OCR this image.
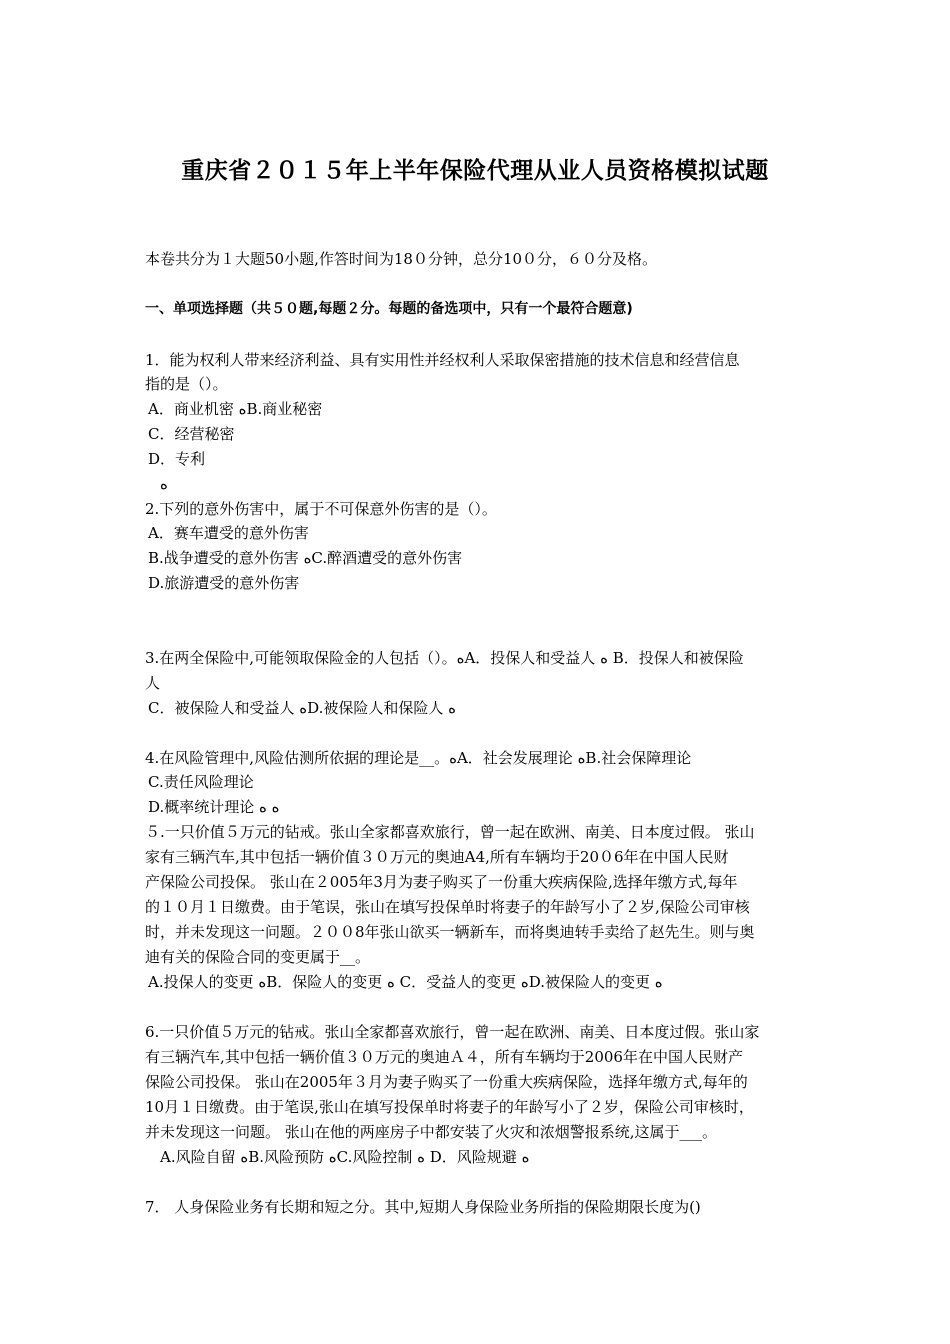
重庆省２０１５年上半年保险代理从业人员资格模拟试题
本卷共分为１大题50小题,作答时间为18０分钟，总分10０分，６０分及格。
一、单项选择题（共５０题,每题２分。每题的备选项中，只有一个最符合题意)
1．能为权利人带来经济利益、具有实用性并经权利人采取保密措施的技术信息和经营信息
指的是（）。
A．商业机密 ﻩB.商业秘密
C．经营秘密
D．专利
ﻩ
2.下列的意外伤害中，属于不可保意外伤害的是（）。
A．赛车遭受的意外伤害
B.战争遭受的意外伤害 ﻩC.醉酒遭受的意外伤害
D.旅游遭受的意外伤害
3.在两全保险中,可能领取保险金的人包括（）。ﻩA．投保人和受益人 ﻩ B．投保人和被保险
人
C．被保险人和受益人 ﻩD.被保险人和保险人 ﻩ
4.在风险管理中,风险估测所依据的理论是__。ﻩA．社会发展理论 ﻩB.社会保障理论
C.责任风险理论
D.概率统计理论 ﻩ ﻩ
５.一只价值５万元的钻戒。张山全家都喜欢旅行，曾一起在欧洲、南美、日本度过假。 张山
家有三辆汽车,其中包括一辆价值３０万元的奥迪A4,所有车辆均于20０6年在中国人民财
产保险公司投保。 张山在２005年3月为妻子购买了一份重大疾病保险,选择年缴方式,每年
的１０月１日缴费。由于笔误，张山在填写投保单时将妻子的年龄写小了２岁,保险公司审核
时，并未发现这一问题。２００8年张山欲买一辆新车，而将奥迪转手卖给了赵先生。则与奥
迪有关的保险合同的变更属于__。
A.投保人的变更 ﻩB．保险人的变更 ﻩ C．受益人的变更 ﻩD.被保险人的变更 ﻩ
6.一只价值５万元的钻戒。张山全家都喜欢旅行，曾一起在欧洲、南美、日本度过假。张山家
有三辆汽车,其中包括一辆价值３０万元的奥迪Ａ４，所有车辆均于2006年在中国人民财产
保险公司投保。 张山在2005年３月为妻子购买了一份重大疾病保险，选择年缴方式,每年的
10月１日缴费。由于笔误,张山在填写投保单时将妻子的年龄写小了２岁，保险公司审核时，
并未发现这一问题。 张山在他的两座房子中都安装了火灾和浓烟警报系统,这属于___。
A.风险自留 ﻩB.风险预防 ﻩC.风险控制 ﻩ D．风险规避 ﻩ
7． 人身保险业务有长期和短之分。其中,短期人身保险业务所指的保险期限长度为()
